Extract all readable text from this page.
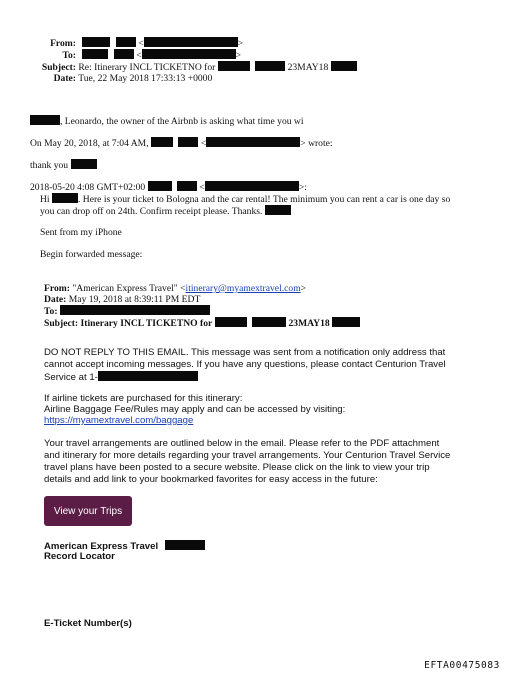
From:	<	>
To:	<	>
Subject: Re: Itinerary INCL TICKETNO for	23MAY18
Date: Tue, 22 May 2018 17:33:13 +0000
, Leonardo, the owner of the Airbnb is asking what time you wi
On May 20, 2018, at 7:04 AM,	<	> wrote:
thank you
2018-05-20 4:08 GMT+02:00	<	>:
Hi	. Here is your ticket to Bologna and the car rental! The minimum you can rent a car is one day so
you can drop off on 24th. Confirm receipt please. Thanks.
Sent from my iPhone
Begin forwarded message:
From: "American Express Travel" <itinerary@myamextravel.com>
Date: May 19, 2018 at 8:39:11 PM EDT
To:
Subject: Itinerary INCL TICKETNO for	23MAY18
DO NOT REPLY TO THIS EMAIL. This message was sent from a notification only address that
cannot accept incoming messages. If you have any questions, please contact Centurion Travel
Service at 1-
If airline tickets are purchased for this itinerary:
Airline Baggage Fee/Rules may apply and can be accessed by visiting:
https://myamextravel.com/baggage
Your travel arrangements are outlined below in the email. Please refer to the PDF attachment
and itinerary for more details regarding your travel arrangements. Your Centurion Travel Service
travel plans have been posted to a secure website. Please click on the link to view your trip
details and add link to your bookmarked favorites for easy access in the future:
View your Trips
American Express Travel
Record Locator
E-Ticket Number(s)
EFTA00475083
